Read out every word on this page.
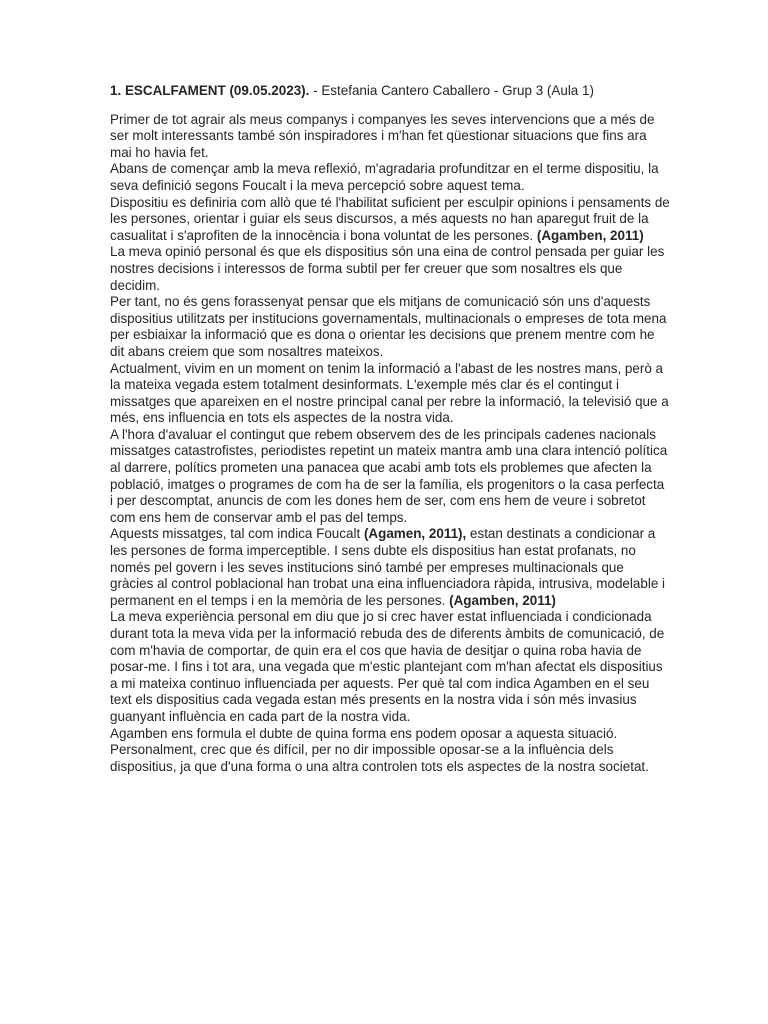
1. ESCALFAMENT (09.05.2023). - Estefania Cantero Caballero - Grup 3 (Aula 1)

Primer de tot agrair als meus companys i companyes les seves intervencions que a més de ser molt interessants també són inspiradores i m'han fet qüestionar situacions que fins ara mai ho havia fet.

Abans de començar amb la meva reflexió, m'agradaria profunditzar en el terme dispositiu, la seva definició segons Foucalt i la meva percepció sobre aquest tema.

Dispositiu es definiria com allò que té l'habilitat suficient per esculpir opinions i pensaments de les persones, orientar i guiar els seus discursos, a més aquests no han aparegut fruit de la casualitat i s'aprofiten de la innocència i bona voluntat de les persones. (Agamben, 2011)

La meva opinió personal és que els dispositius són una eina de control pensada per guiar les nostres decisions i interessos de forma subtil per fer creuer que som nosaltres els que decidim.

Per tant, no és gens forassenyat pensar que els mitjans de comunicació són uns d'aquests dispositius utilitzats per institucions governamentals, multinacionals o empreses de tota mena per esbiaixar la informació que es dona o orientar les decisions que prenem mentre com he dit abans creiem que som nosaltres mateixos.

Actualment, vivim en un moment on tenim la informació a l'abast de les nostres mans, però a la mateixa vegada estem totalment desinformats. L'exemple més clar és el contingut i missatges que apareixen en el nostre principal canal per rebre la informació, la televisió que a més, ens influencia en tots els aspectes de la nostra vida.

A l'hora d'avaluar el contingut que rebem observem des de les principals cadenes nacionals missatges catastrofistes, periodistes repetint un mateix mantra amb una clara intenció política al darrere, polítics prometen una panacea que acabi amb tots els problemes que afecten la població, imatges o programes de com ha de ser la família, els progenitors o la casa perfecta i per descomptat, anuncis de com les dones hem de ser, com ens hem de veure i sobretot com ens hem de conservar amb el pas del temps.

Aquests missatges, tal com indica Foucalt (Agamen, 2011), estan destinats a condicionar a les persones de forma imperceptible. I sens dubte els dispositius han estat profanats, no només pel govern i les seves institucions sinó també per empreses multinacionals que gràcies al control poblacional han trobat una eina influenciadora ràpida, intrusiva, modelable i permanent en el temps i en la memòria de les persones. (Agamben, 2011)

La meva experiència personal em diu que jo si crec haver estat influenciada i condicionada durant tota la meva vida per la informació rebuda des de diferents àmbits de comunicació, de com m'havia de comportar, de quin era el cos que havia de desitjar o quina roba havia de posar-me. I fins i tot ara, una vegada que m'estic plantejant com m'han afectat els dispositius a mi mateixa continuo influenciada per aquests. Per què tal com indica Agamben en el seu text els dispositius cada vegada estan més presents en la nostra vida i són més invasius guanyant influència en cada part de la nostra vida.

Agamben ens formula el dubte de quina forma ens podem oposar a aquesta situació.

Personalment, crec que és difícil, per no dir impossible oposar-se a la influència dels dispositius, ja que d'una forma o una altra controlen tots els aspectes de la nostra societat.
